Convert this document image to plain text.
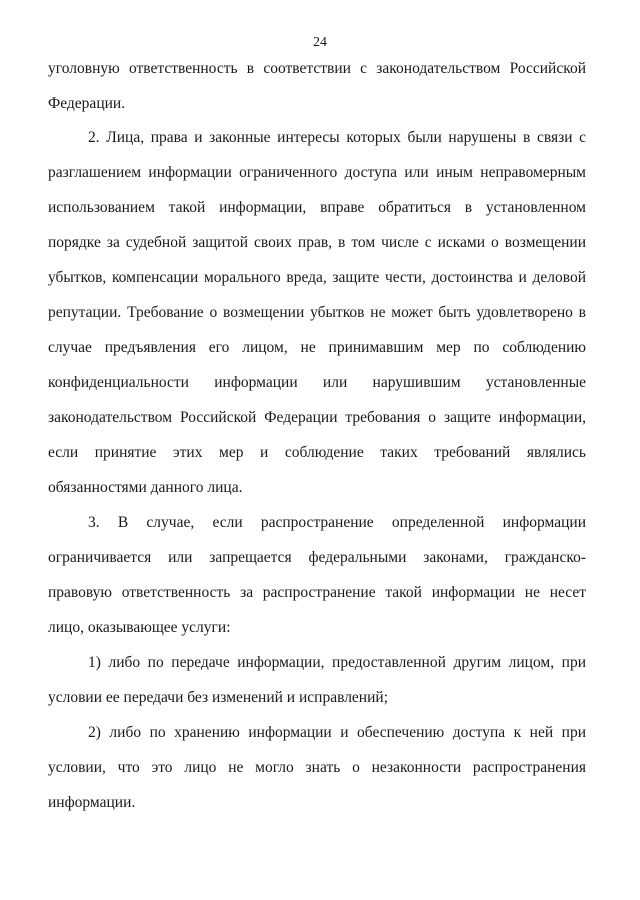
24
уголовную ответственность в соответствии с законодательством Российской
Федерации.
2. Лица, права и законные интересы которых были нарушены в связи с
разглашением информации ограниченного доступа или иным неправомерным
использованием такой информации, вправе обратиться в установленном
порядке за судебной защитой своих прав, в том числе с исками о возмещении
убытков, компенсации морального вреда, защите чести, достоинства и деловой
репутации. Требование о возмещении убытков не может быть удовлетворено в
случае предъявления его лицом, не принимавшим мер по соблюдению
конфиденциальности информации или нарушившим установленные
законодательством Российской Федерации требования о защите информации,
если принятие этих мер и соблюдение таких требований являлись
обязанностями данного лица.
3. В случае, если распространение определенной информации
ограничивается или запрещается федеральными законами, гражданско-
правовую ответственность за распространение такой информации не несет
лицо, оказывающее услуги:
1) либо по передаче информации, предоставленной другим лицом, при
условии ее передачи без изменений и исправлений;
2) либо по хранению информации и обеспечению доступа к ней при
условии, что это лицо не могло знать о незаконности распространения
информации.
